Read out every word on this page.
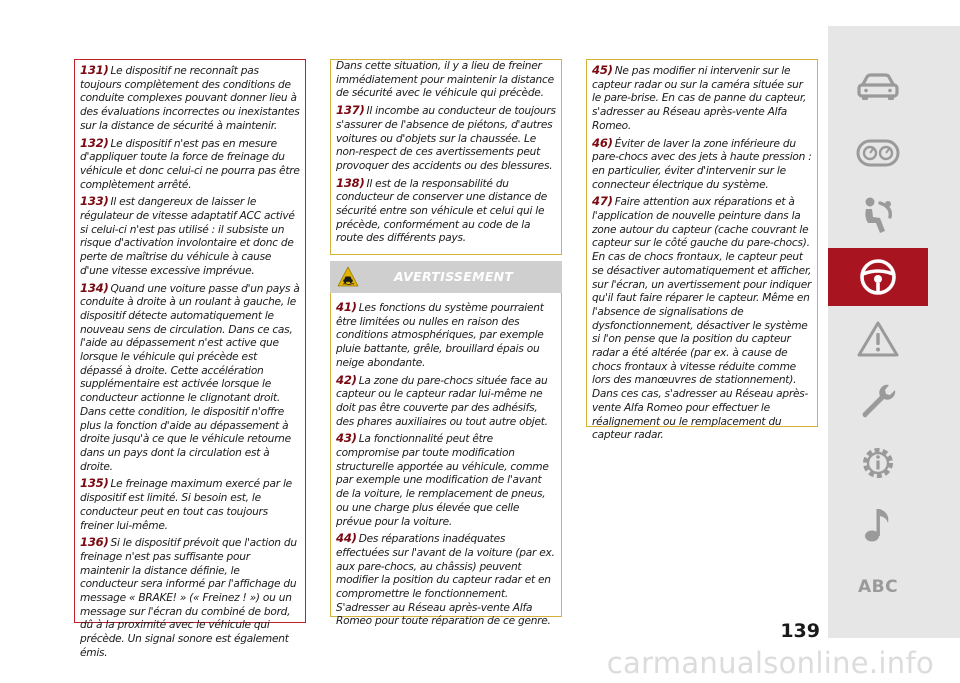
131) Le dispositif ne reconnaît pas toujours complètement des conditions de conduite complexes pouvant donner lieu à des évaluations incorrectes ou inexistantes sur la distance de sécurité à maintenir.

132) Le dispositif n'est pas en mesure d'appliquer toute la force de freinage du véhicule et donc celui-ci ne pourra pas être complètement arrêté.

133) Il est dangereux de laisser le régulateur de vitesse adaptatif ACC activé si celui-ci n'est pas utilisé : il subsiste un risque d'activation involontaire et donc de perte de maîtrise du véhicule à cause d'une vitesse excessive imprévue.

134) Quand une voiture passe d'un pays à conduite à droite à un roulant à gauche, le dispositif détecte automatiquement le nouveau sens de circulation. Dans ce cas, l'aide au dépassement n'est active que lorsque le véhicule qui précède est dépassé à droite. Cette accélération supplémentaire est activée lorsque le conducteur actionne le clignotant droit. Dans cette condition, le dispositif n'offre plus la fonction d'aide au dépassement à droite jusqu'à ce que le véhicule retourne dans un pays dont la circulation est à droite.

135) Le freinage maximum exercé par le dispositif est limité. Si besoin est, le conducteur peut en tout cas toujours freiner lui-même.

136) Si le dispositif prévoit que l'action du freinage n'est pas suffisante pour maintenir la distance définie, le conducteur sera informé par l'affichage du message « BRAKE! » (« Freinez ! ») ou un message sur l'écran du combiné de bord, dû à la proximité avec le véhicule qui précède. Un signal sonore est également émis.

Dans cette situation, il y a lieu de freiner immédiatement pour maintenir la distance de sécurité avec le véhicule qui précède.

137) Il incombe au conducteur de toujours s'assurer de l'absence de piétons, d'autres voitures ou d'objets sur la chaussée. Le non-respect de ces avertissements peut provoquer des accidents ou des blessures.

138) Il est de la responsabilité du conducteur de conserver une distance de sécurité entre son véhicule et celui qui le précède, conformément au code de la route des différents pays.

AVERTISSEMENT

41) Les fonctions du système pourraient être limitées ou nulles en raison des conditions atmosphériques, par exemple pluie battante, grêle, brouillard épais ou neige abondante.

42) La zone du pare-chocs située face au capteur ou le capteur radar lui-même ne doit pas être couverte par des adhésifs, des phares auxiliaires ou tout autre objet.

43) La fonctionnalité peut être compromise par toute modification structurelle apportée au véhicule, comme par exemple une modification de l'avant de la voiture, le remplacement de pneus, ou une charge plus élevée que celle prévue pour la voiture.

44) Des réparations inadéquates effectuées sur l'avant de la voiture (par ex. aux pare-chocs, au châssis) peuvent modifier la position du capteur radar et en compromettre le fonctionnement. S'adresser au Réseau après-vente Alfa Romeo pour toute réparation de ce genre.

45) Ne pas modifier ni intervenir sur le capteur radar ou sur la caméra située sur le pare-brise. En cas de panne du capteur, s'adresser au Réseau après-vente Alfa Romeo.

46) Éviter de laver la zone inférieure du pare-chocs avec des jets à haute pression : en particulier, éviter d'intervenir sur le connecteur électrique du système.

47) Faire attention aux réparations et à l'application de nouvelle peinture dans la zone autour du capteur (cache couvrant le capteur sur le côté gauche du pare-chocs). En cas de chocs frontaux, le capteur peut se désactiver automatiquement et afficher, sur l'écran, un avertissement pour indiquer qu'il faut faire réparer le capteur. Même en l'absence de signalisations de dysfonctionnement, désactiver le système si l'on pense que la position du capteur radar a été altérée (par ex. à cause de chocs frontaux à vitesse réduite comme lors des manœuvres de stationnement). Dans ces cas, s'adresser au Réseau après-vente Alfa Romeo pour effectuer le réalignement ou le remplacement du capteur radar.

139
ABC
carmanualsonline.info
